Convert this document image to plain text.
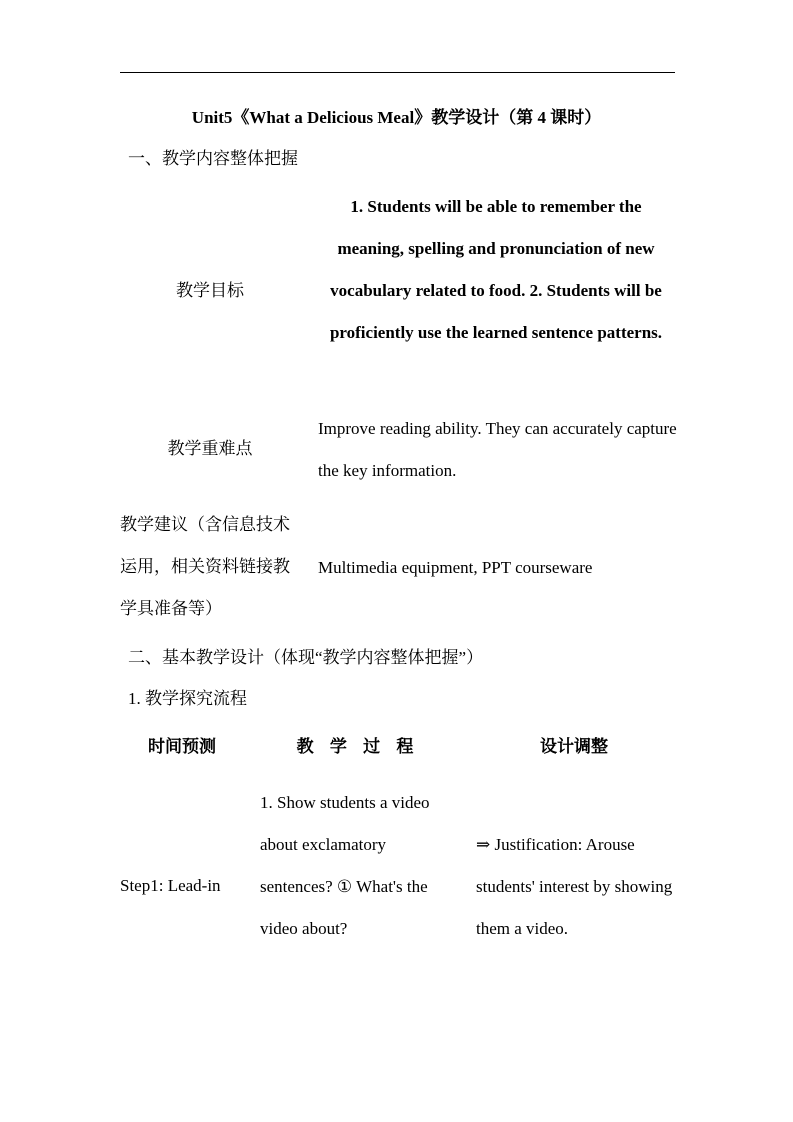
Unit5《What a Delicious Meal》教学设计（第 4 课时）
一、教学内容整体把握
教学目标
1. Students will be able to remember the meaning, spelling and pronunciation of new vocabulary related to food. 2. Students will be proficiently use the learned sentence patterns.
教学重难点
Improve reading ability. They can accurately capture the key information.
教学建议（含信息技术运用，相关资料链接教学具准备等）
Multimedia equipment, PPT courseware
二、基本教学设计（体现“教学内容整体把握”）
1. 教学探究流程
时间预测	教 学 过 程	设计调整
Step1: Lead-in
1. Show students a video about exclamatory sentences? ① What's the video about?
⇒ Justification: Arouse students' interest by showing them a video.
